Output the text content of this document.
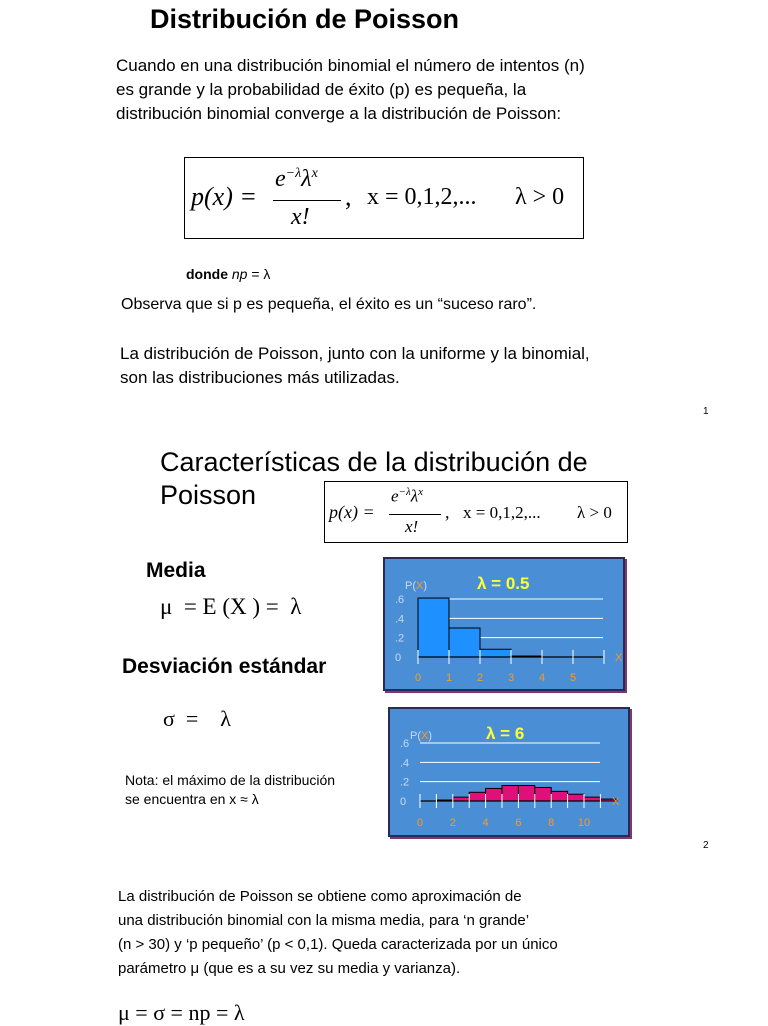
Distribución de Poisson
Cuando en una distribución binomial el número de intentos (n)
es grande y la probabilidad de éxito (p) es pequeña, la
distribución binomial converge a la distribución de Poisson:
p(x) =
$e^{-\lambda}\lambda^x$
x!
, x = 0,1,2,... λ > 0
donde np = λ
Observa que si p es pequeña, el éxito es un “suceso raro”.
La distribución de Poisson, junto con la uniforme y la binomial,
son las distribuciones más utilizadas.
1
Características de la distribución de
Poisson
p(x) =
$e^{-\lambda}\lambda^x$
x!
, x = 0,1,2,... λ > 0
Media
μ  = E (X ) =  λ
Desviación estándar
σ  =    λ
Nota: el máximo de la distribución
se encuentra en x ≈ λ
0
.2
.4
.6
0 1 2 3 4 5
λ = 0.5
P(X)
X
0
.2
.4
.6
0 2 4 6 8 10
λ = 6
P(X)
X
2
La distribución de Poisson se obtiene como aproximación de
una distribución binomial con la misma media, para ‘n grande’
(n > 30) y ‘p pequeño’ (p < 0,1). Queda caracterizada por un único
parámetro μ (que es a su vez su media y varianza).
μ = σ = np = λ
